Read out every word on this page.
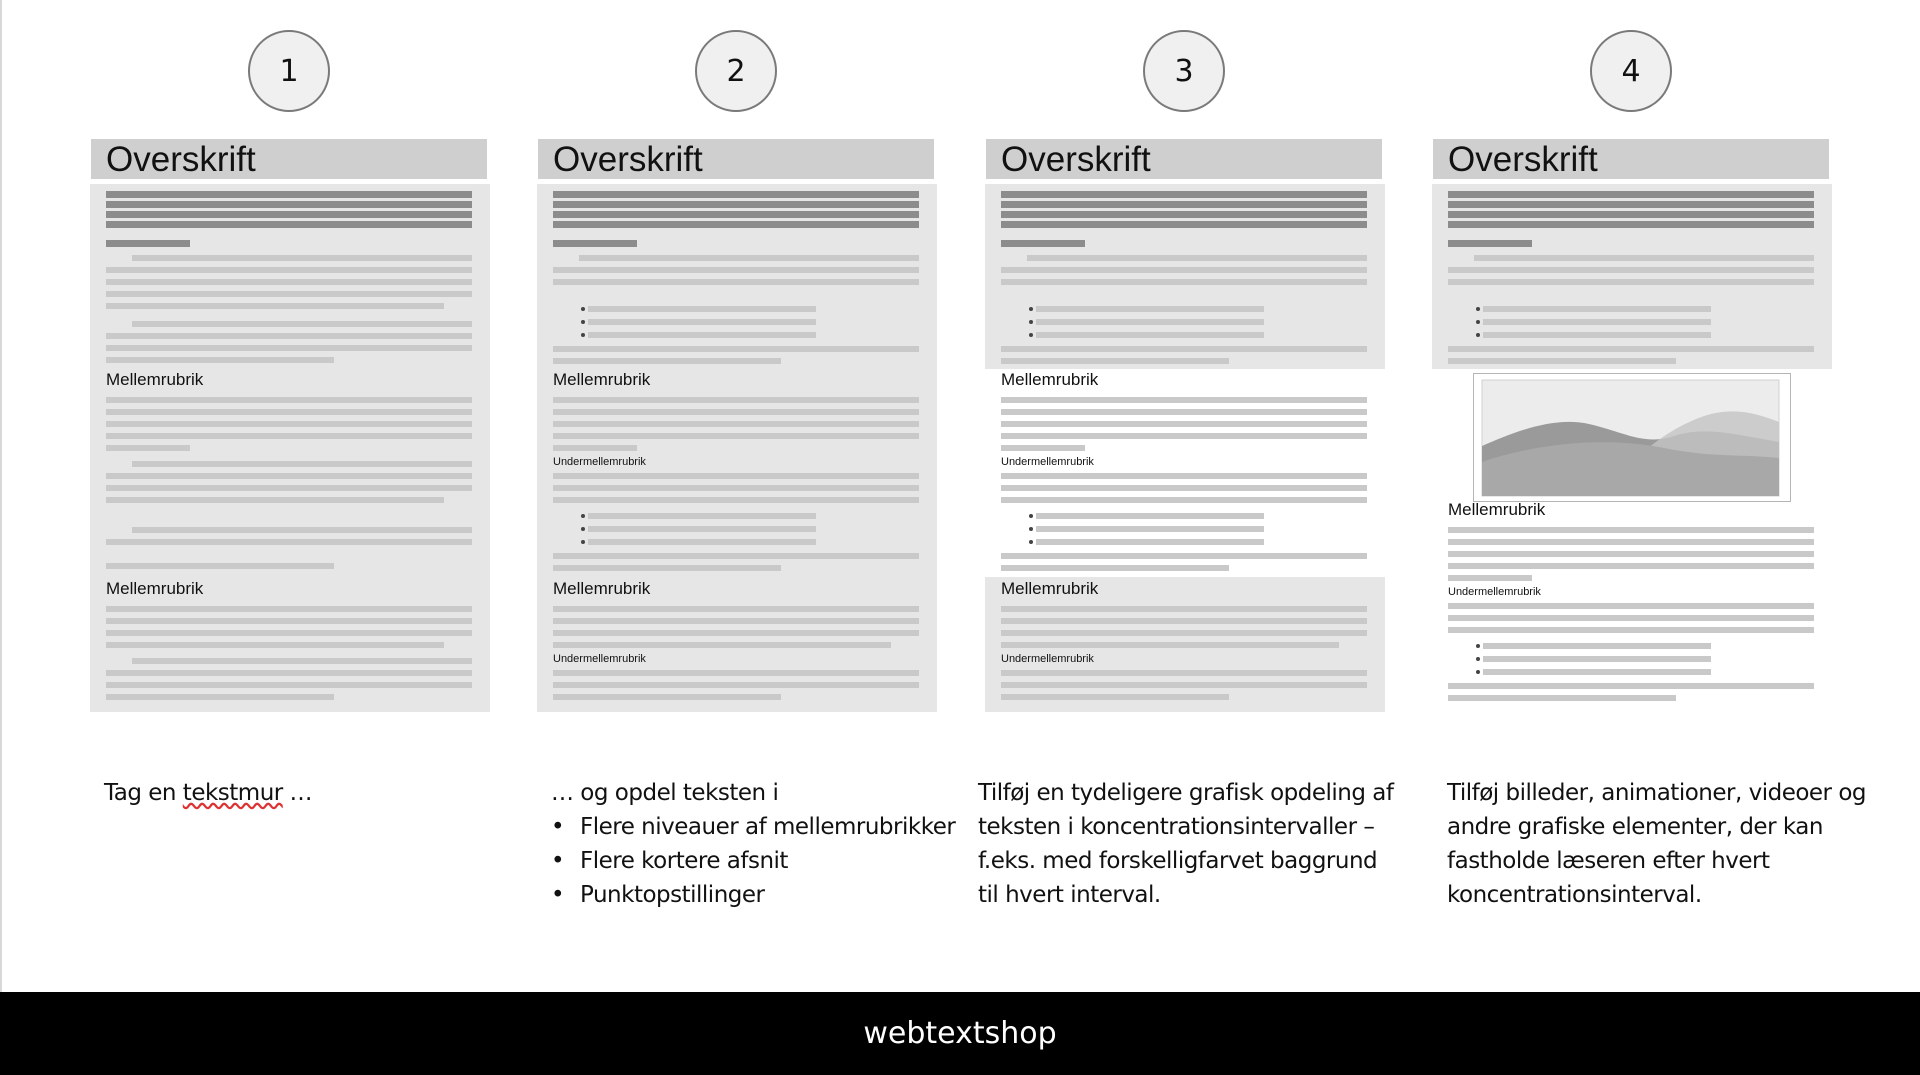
1	2	3	4
Overskrift
Mellemrubrik
Mellemrubrik
Overskrift
Mellemrubrik
Undermellemrubrik
Mellemrubrik
Undermellemrubrik
Overskrift
Mellemrubrik
Undermellemrubrik
Mellemrubrik
Undermellemrubrik
Overskrift
Mellemrubrik
Undermellemrubrik
Tag en tekstmur …	… og opdel teksten i
• Flere niveauer af mellemrubrikker
• Flere kortere afsnit
• Punktopstillinger
Tilføj en tydeligere grafisk opdeling af
teksten i koncentrationsintervaller –
f.eks. med forskelligfarvet baggrund
til hvert interval.
Tilføj billeder, animationer, videoer og
andre grafiske elementer, der kan
fastholde læseren efter hvert
koncentrationsinterval.
webtextshop
